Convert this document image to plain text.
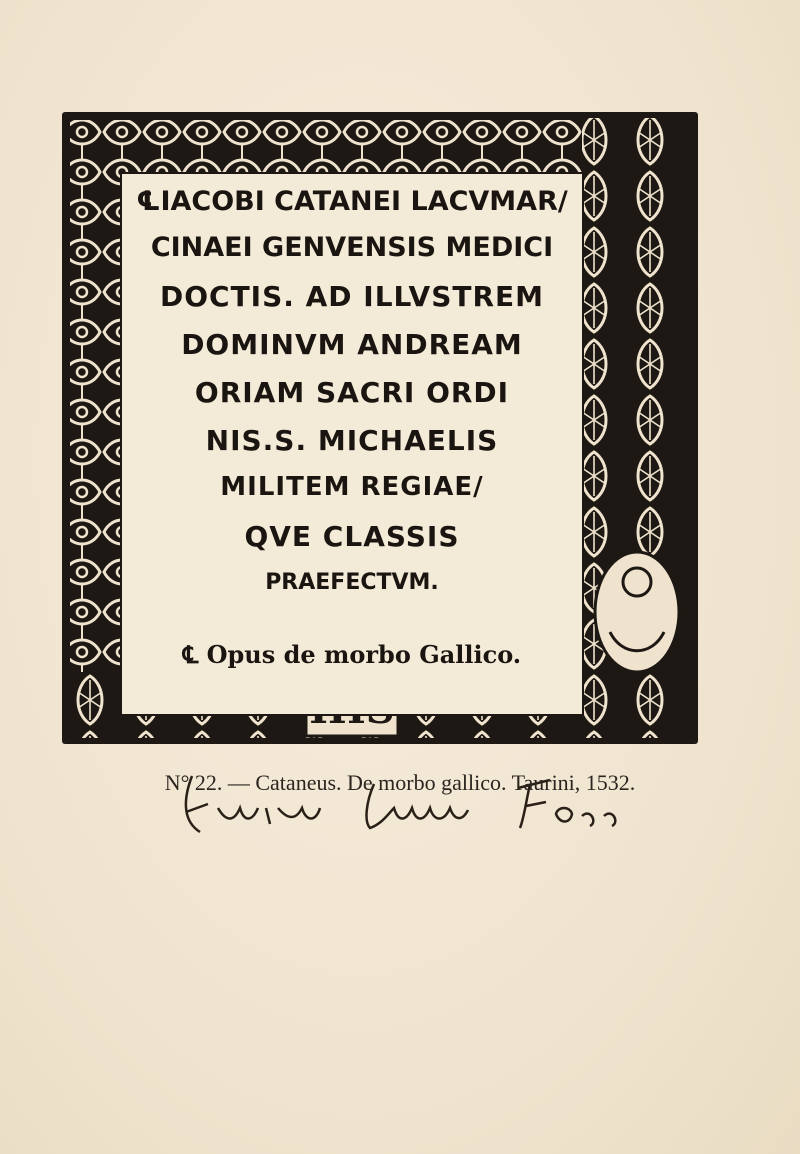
℄IACOBI CATANEI LACVMAR/
CINAEI GENVENSIS MEDICI
DOCTIS. AD ILLVSTREM
DOMINVM ANDREAM
ORIAM SACRI ORDI
NIS.S. MICHAELIS
MILITEM REGIAE/
QVE CLASSIS
PRAEFECTVM.
℄ Opus de morbo Gallico.
N° 22. — Cataneus. De morbo gallico. Taurini, 1532.
